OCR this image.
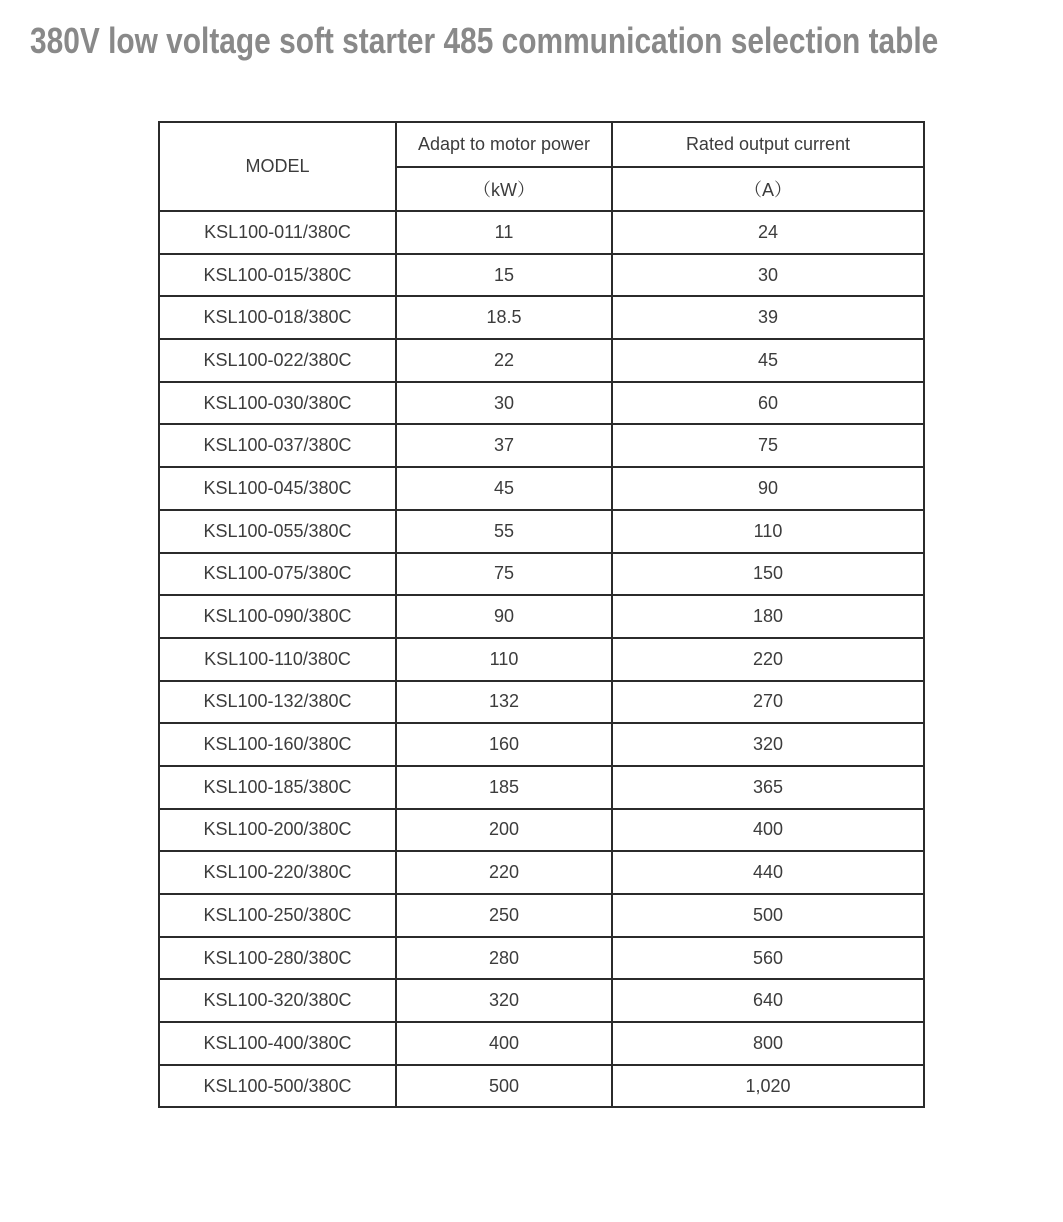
380V low voltage soft starter 485 communication selection table
MODEL	Adapt to motor power	Rated output current
	（kW）	（A）
KSL100-011/380C	11	24
KSL100-015/380C	15	30
KSL100-018/380C	18.5	39
KSL100-022/380C	22	45
KSL100-030/380C	30	60
KSL100-037/380C	37	75
KSL100-045/380C	45	90
KSL100-055/380C	55	110
KSL100-075/380C	75	150
KSL100-090/380C	90	180
KSL100-110/380C	110	220
KSL100-132/380C	132	270
KSL100-160/380C	160	320
KSL100-185/380C	185	365
KSL100-200/380C	200	400
KSL100-220/380C	220	440
KSL100-250/380C	250	500
KSL100-280/380C	280	560
KSL100-320/380C	320	640
KSL100-400/380C	400	800
KSL100-500/380C	500	1,020
